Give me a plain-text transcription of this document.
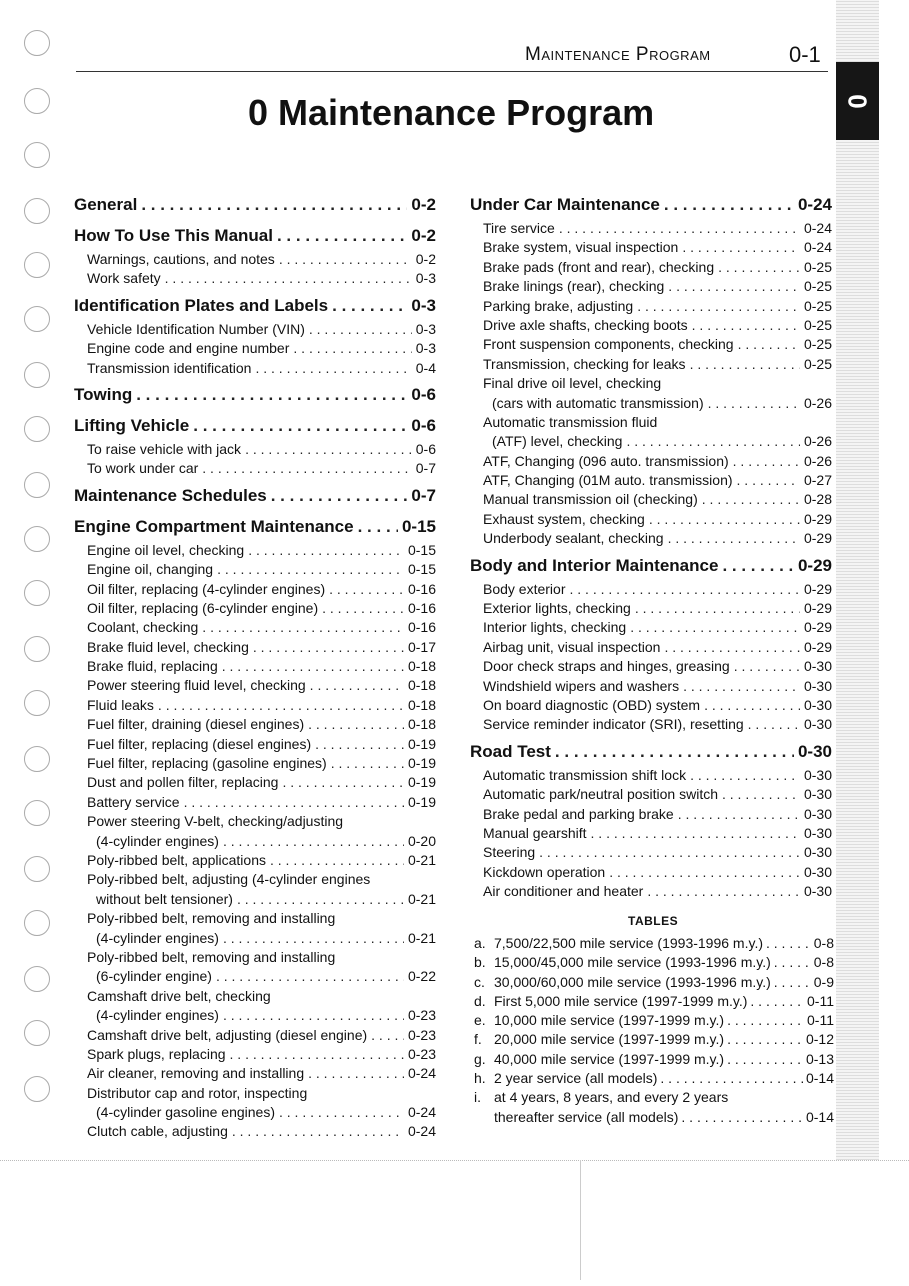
0
Maintenance Program	0-1
0 Maintenance Program
General . . .	0-2
How To Use This Manual . . .	0-2
Warnings, cautions, and notes . . .	0-2
Work safety . . .	0-3
Identification Plates and Labels . . .	0-3
Vehicle Identification Number (VIN) . . .	0-3
Engine code and engine number . . .	0-3
Transmission identification . . .	0-4
Towing . . .	0-6
Lifting Vehicle . . .	0-6
To raise vehicle with jack . . .	0-6
To work under car . . .	0-7
Maintenance Schedules . . .	0-7
Engine Compartment Maintenance . . .	0-15
Engine oil level, checking . . .	0-15
Engine oil, changing . . .	0-15
Oil filter, replacing (4-cylinder engines) . . .	0-16
Oil filter, replacing (6-cylinder engine) . . .	0-16
Coolant, checking . . .	0-16
Brake fluid level, checking . . .	0-17
Brake fluid, replacing . . .	0-18
Power steering fluid level, checking . . .	0-18
Fluid leaks . . .	0-18
Fuel filter, draining (diesel engines) . . .	0-18
Fuel filter, replacing (diesel engines) . . .	0-19
Fuel filter, replacing (gasoline engines) . . .	0-19
Dust and pollen filter, replacing . . .	0-19
Battery service . . .	0-19
Power steering V-belt, checking/adjusting
(4-cylinder engines) . . .	0-20
Poly-ribbed belt, applications . . .	0-21
Poly-ribbed belt, adjusting (4-cylinder engines
without belt tensioner) . . .	0-21
Poly-ribbed belt, removing and installing
(4-cylinder engines) . . .	0-21
Poly-ribbed belt, removing and installing
(6-cylinder engine) . . .	0-22
Camshaft drive belt, checking
(4-cylinder engines) . . .	0-23
Camshaft drive belt, adjusting (diesel engine) . . .	0-23
Spark plugs, replacing . . .	0-23
Air cleaner, removing and installing . . .	0-24
Distributor cap and rotor, inspecting
(4-cylinder gasoline engines) . . .	0-24
Clutch cable, adjusting . . .	0-24
Under Car Maintenance . . .	0-24
Tire service . . .	0-24
Brake system, visual inspection . . .	0-24
Brake pads (front and rear), checking . . .	0-25
Brake linings (rear), checking . . .	0-25
Parking brake, adjusting . . .	0-25
Drive axle shafts, checking boots . . .	0-25
Front suspension components, checking . . .	0-25
Transmission, checking for leaks . . .	0-25
Final drive oil level, checking
(cars with automatic transmission) . . .	0-26
Automatic transmission fluid
(ATF) level, checking . . .	0-26
ATF, Changing (096 auto. transmission) . . .	0-26
ATF, Changing (01M auto. transmission) . . .	0-27
Manual transmission oil (checking) . . .	0-28
Exhaust system, checking . . .	0-29
Underbody sealant, checking . . .	0-29
Body and Interior Maintenance . . .	0-29
Body exterior . . .	0-29
Exterior lights, checking . . .	0-29
Interior lights, checking . . .	0-29
Airbag unit, visual inspection . . .	0-29
Door check straps and hinges, greasing . . .	0-30
Windshield wipers and washers . . .	0-30
On board diagnostic (OBD) system . . .	0-30
Service reminder indicator (SRI), resetting . . .	0-30
Road Test . . .	0-30
Automatic transmission shift lock . . .	0-30
Automatic park/neutral position switch . . .	0-30
Brake pedal and parking brake . . .	0-30
Manual gearshift . . .	0-30
Steering . . .	0-30
Kickdown operation . . .	0-30
Air conditioner and heater . . .	0-30
TABLES
a. 7,500/22,500 mile service (1993-1996 m.y.) . . .	0-8
b. 15,000/45,000 mile service (1993-1996 m.y.) . . .	0-8
c. 30,000/60,000 mile service (1993-1996 m.y.) . . .	0-9
d. First 5,000 mile service (1997-1999 m.y.) . . .	0-11
e. 10,000 mile service (1997-1999 m.y.) . . .	0-11
f. 20,000 mile service (1997-1999 m.y.) . . .	0-12
g. 40,000 mile service (1997-1999 m.y.) . . .	0-13
h. 2 year service (all models) . . .	0-14
i. at 4 years, 8 years, and every 2 years
thereafter service (all models) . . .	0-14
